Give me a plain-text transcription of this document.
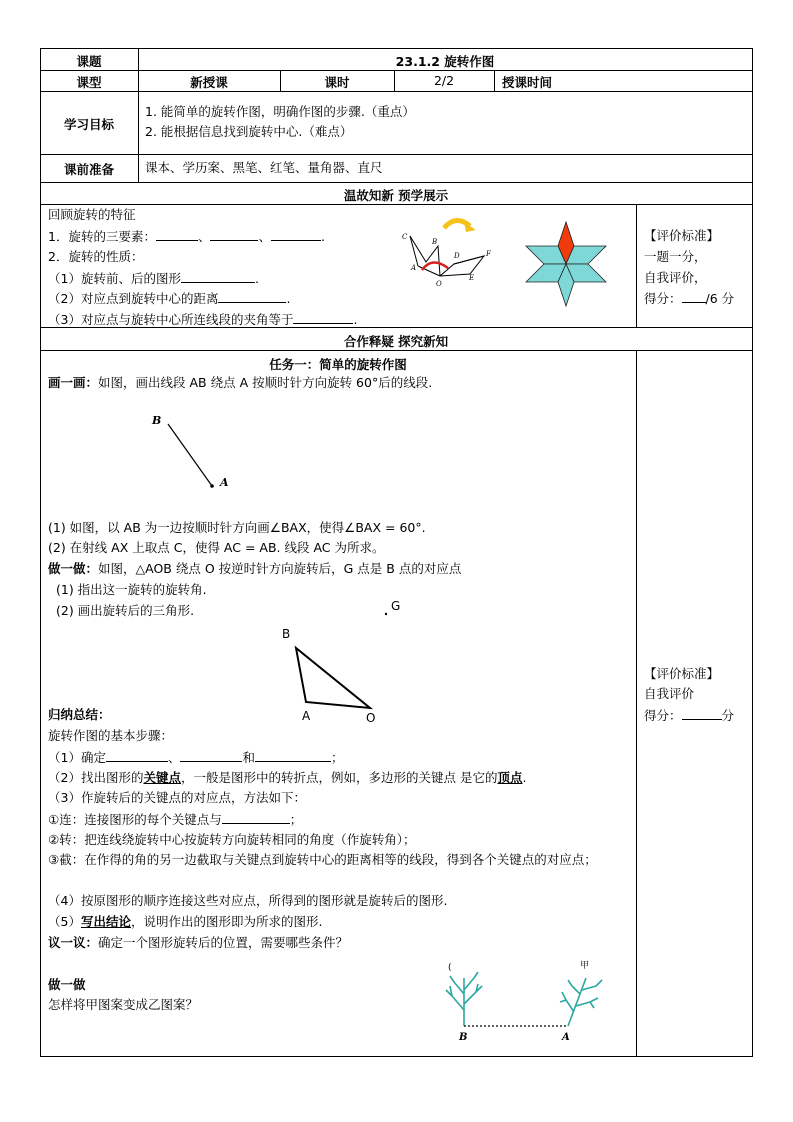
课题	23.1.2 旋转作图
课型	新授课	课时	2/2	授课时间
学习目标
1. 能简单的旋转作图，明确作图的步骤.（重点）
2. 能根据信息找到旋转中心.（难点）
课前准备	课本、学历案、黑笔、红笔、量角器、直尺
温故知新 预学展示
回顾旋转的特征
1．旋转的三要素：	、	、	.
2．旋转的性质：
（1）旋转前、后的图形	.
（2）对应点到旋转中心的距离	.
（3）对应点与旋转中心所连线段的夹角等于	.
C
B
A
O
D
E
F
【评价标准】
一题一分，
自我评价，
得分： /6 分
合作释疑 探究新知
任务一：简单的旋转作图
画一画：如图，画出线段 AB 绕点 A 按顺时针方向旋转 60°后的线段.
B
A
(1) 如图，以 AB 为一边按顺时针方向画∠BAX，使得∠BAX = 60°.
(2) 在射线 AX 上取点 C，使得 AC = AB. 线段 AC 为所求。
做一做：如图，△AOB 绕点 O 按逆时针方向旋转后，G 点是 B 点的对应点
(1) 指出这一旋转的旋转角.
(2) 画出旋转后的三角形.
B
A	O
G
归纳总结：
旋转作图的基本步骤：
（1）确定	、	和	；
（2）找出图形的关键点，一般是图形中的转折点，例如，多边形的关键点 是它的顶点.
（3）作旋转后的关键点的对应点，方法如下：
①连：连接图形的每个关键点与	；
②转：把连线绕旋转中心按旋转方向旋转相同的角度（作旋转角）；
③截：在作得的角的另一边截取与关键点到旋转中心的距离相等的线段，得到各个关键点的对应点；
（4）按原图形的顺序连接这些对应点，所得到的图形就是旋转后的图形.
（5）写出结论，说明作出的图形即为所求的图形.
议一议：确定一个图形旋转后的位置，需要哪些条件？
做一做
怎样将甲图案变成乙图案？
B	A
(	甲
【评价标准】
自我评价
得分：	分
